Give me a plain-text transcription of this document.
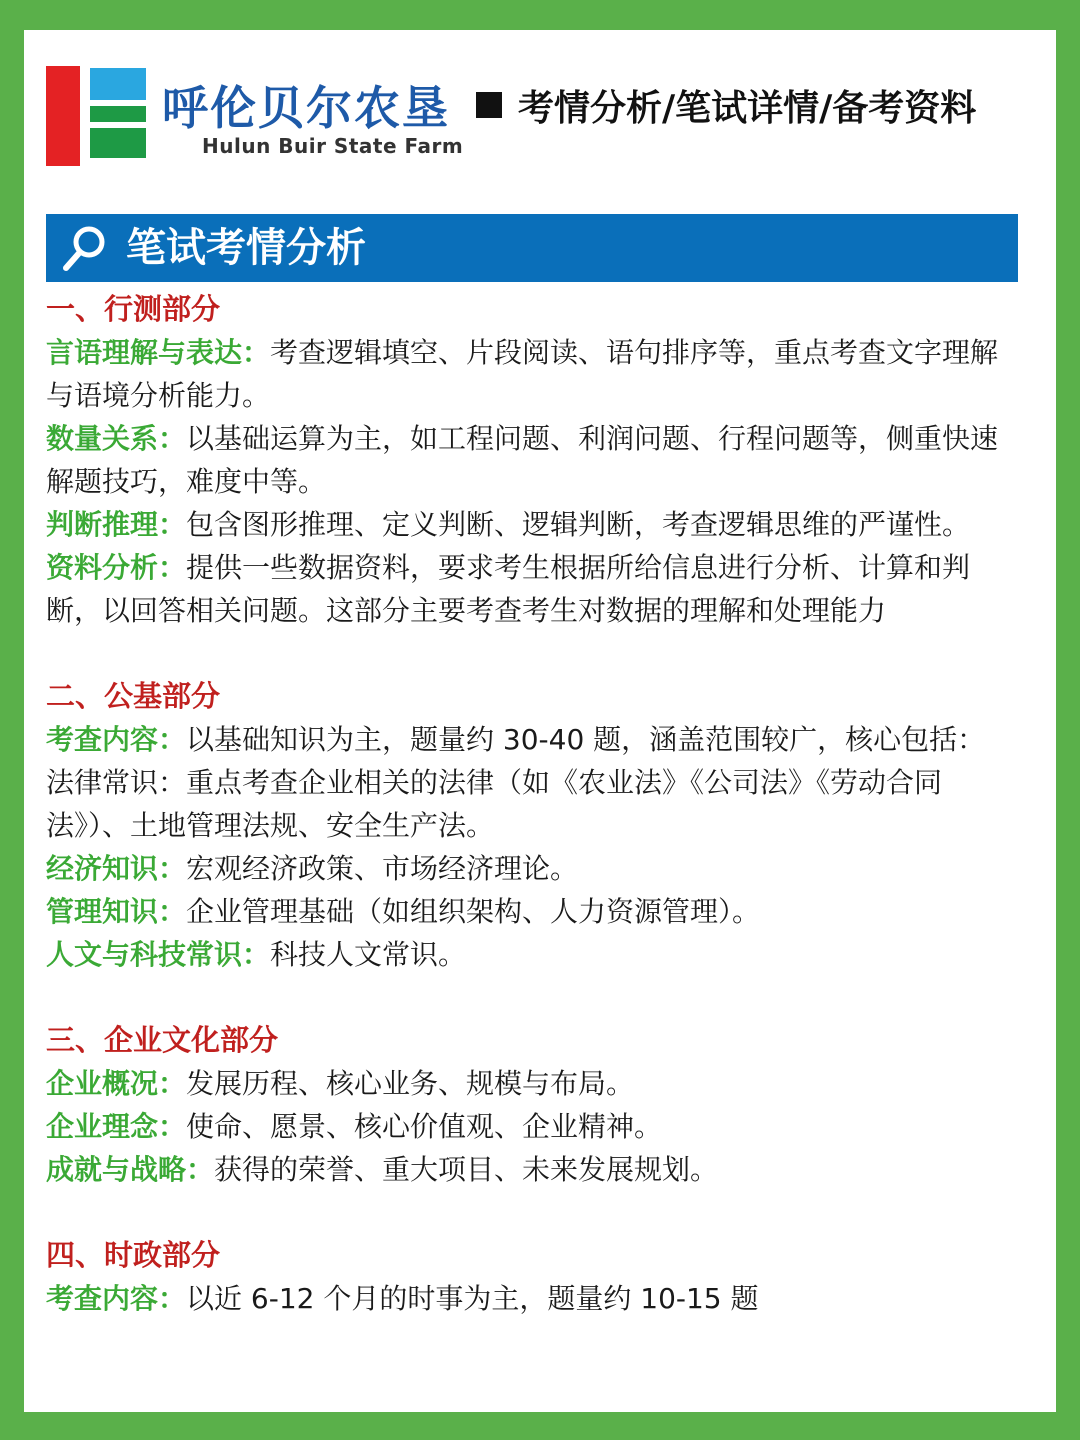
呼伦贝尔农垦
Hulun Buir State Farm
考情分析/笔试详情/备考资料
笔试考情分析

一、行测部分

言语理解与表达：考查逻辑填空、片段阅读、语句排序等，重点考查文字理解与语境分析能力。

数量关系：以基础运算为主，如工程问题、利润问题、行程问题等，侧重快速解题技巧，难度中等。

判断推理：包含图形推理、定义判断、逻辑判断，考查逻辑思维的严谨性。

资料分析：提供一些数据资料，要求考生根据所给信息进行分析、计算和判断，以回答相关问题。这部分主要考查考生对数据的理解和处理能力

二、公基部分

考查内容：以基础知识为主，题量约 30-40 题，涵盖范围较广，核心包括：

法律常识：重点考查企业相关的法律（如《农业法》《公司法》《劳动合同法》）、土地管理法规、安全生产法。

经济知识：宏观经济政策、市场经济理论。

管理知识：企业管理基础（如组织架构、人力资源管理）。

人文与科技常识：科技人文常识。

三、企业文化部分

企业概况：发展历程、核心业务、规模与布局。

企业理念：使命、愿景、核心价值观、企业精神。

成就与战略：获得的荣誉、重大项目、未来发展规划。

四、时政部分

考查内容：以近 6-12 个月的时事为主，题量约 10-15 题
